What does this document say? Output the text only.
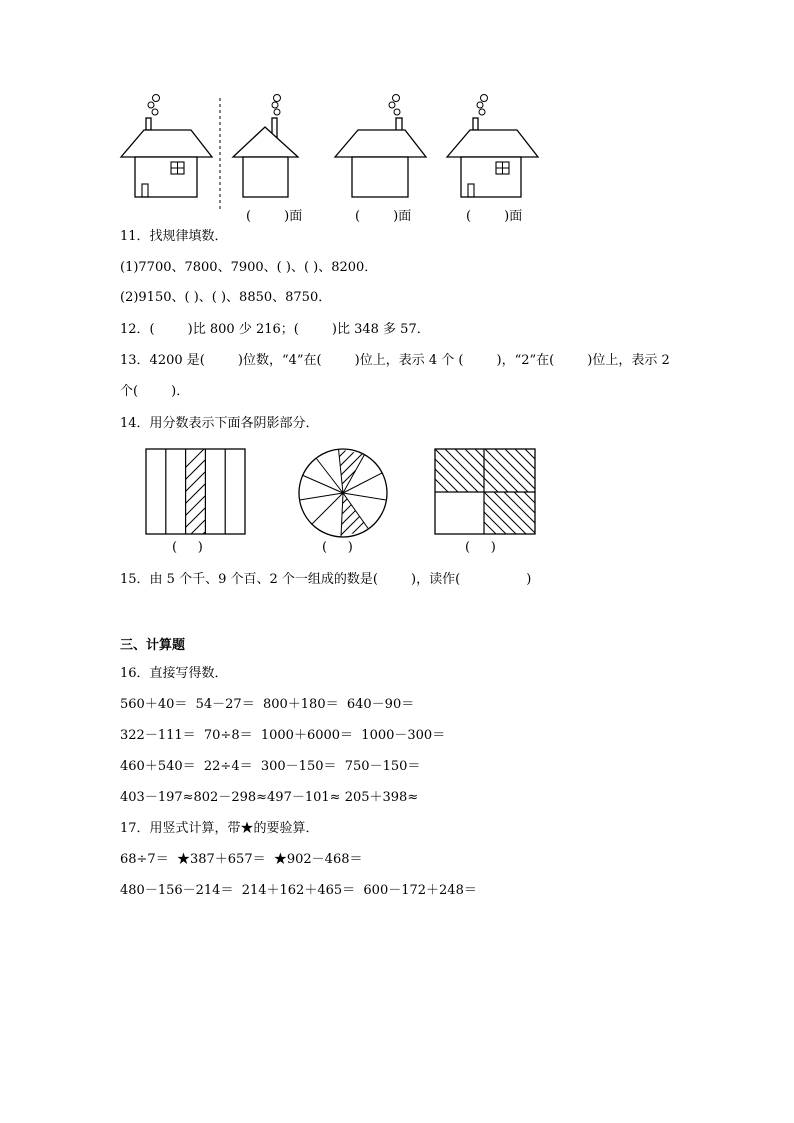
(        )面	(        )面	(        )面
11．找规律填数．
(1)7700、7800、7900、( )、( )、8200．
(2)9150、( )、( )、8850、8750．
12．(        )比 800 少 216；(        )比 348 多 57．
13．4200 是(        )位数，“4”在(        )位上，表示 4 个 (        )，“2”在(        )位上，表示 2
个(        )．
14．用分数表示下面各阴影部分．
(     )	(     )	(     )
15．由 5 个千、9 个百、2 个一组成的数是(        )，读作(                )
三、计算题
16．直接写得数．
560＋40＝  54－27＝  800＋180＝  640－90＝
322－111＝  70÷8＝  1000＋6000＝  1000－300＝
460＋540＝  22÷4＝  300－150＝  750－150＝
403－197≈802－298≈497－101≈ 205＋398≈
17．用竖式计算，带★的要验算．
68÷7＝  ★387＋657＝  ★902－468＝
480－156－214＝  214＋162＋465＝  600－172＋248＝
